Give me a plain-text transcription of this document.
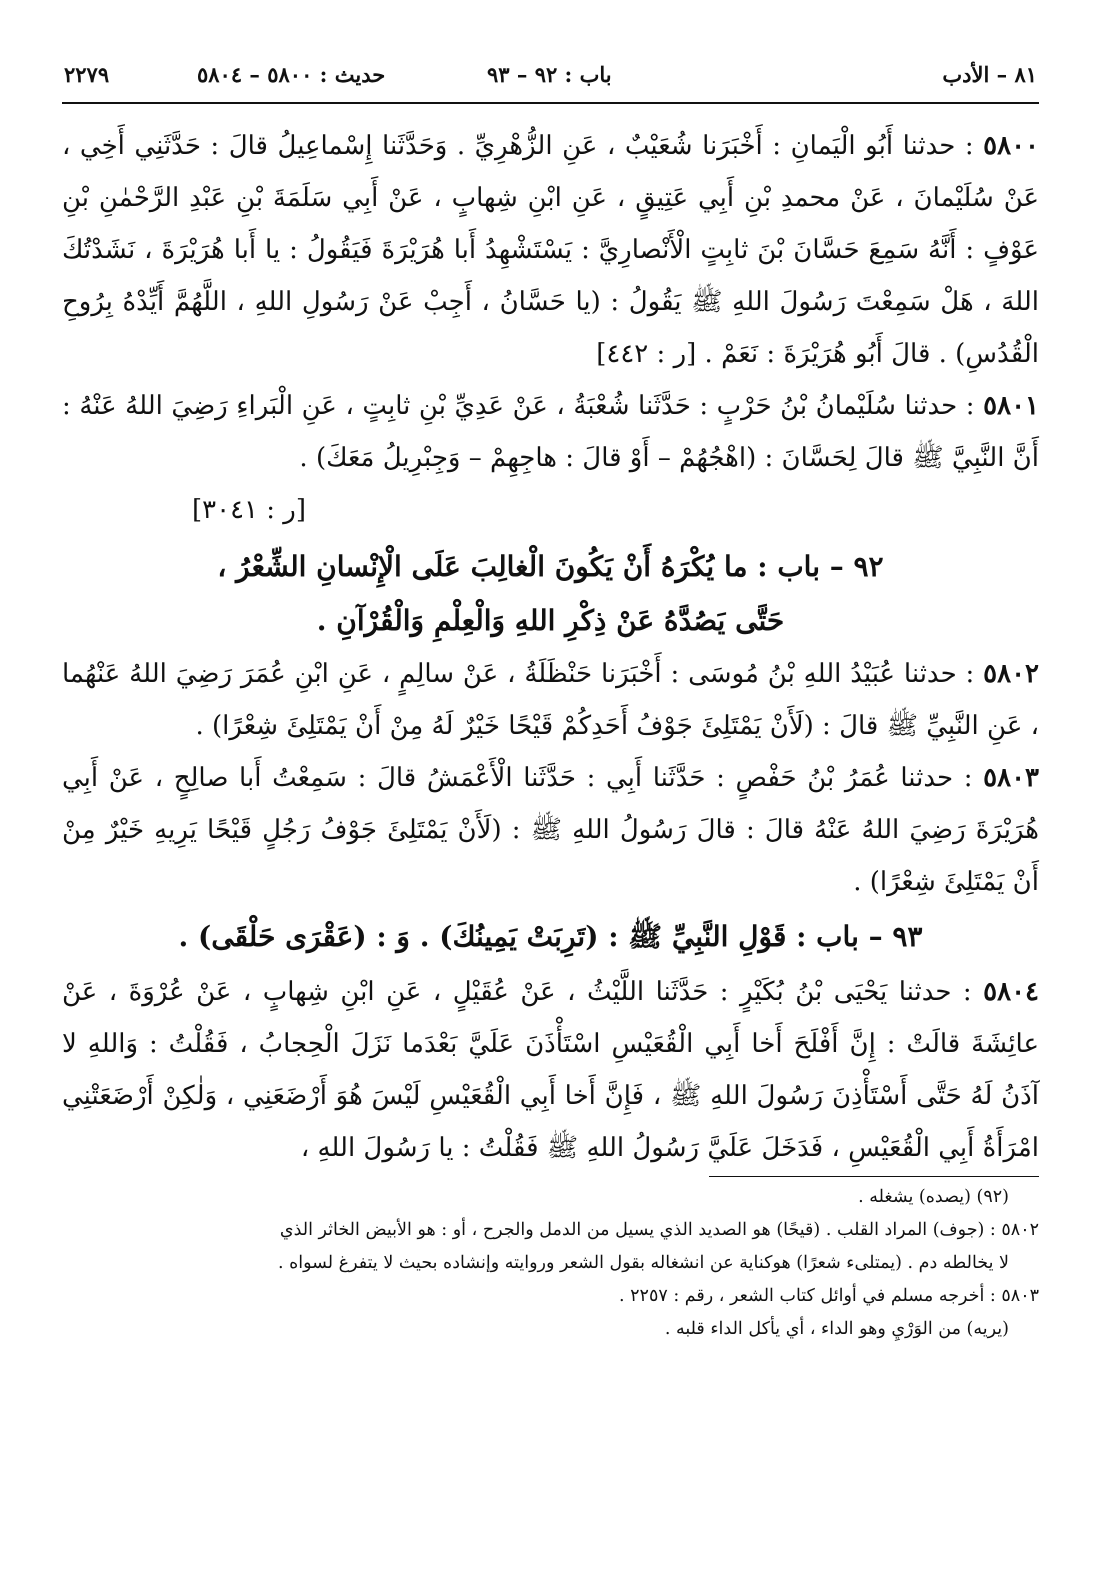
٨١ – الأدب
باب : ٩٢ – ٩٣
حديث : ٥٨٠٠ – ٥٨٠٤
٢٢٧٩

٥٨٠٠ : حدثنا أَبُو الْيَمانِ : أَخْبَرَنا شُعَيْبٌ ، عَنِ الزُّهْرِيِّ . وَحَدَّثَنا إِسْماعِيلُ قالَ : حَدَّثَنِي أَخِي ، عَنْ سُلَيْمانَ ، عَنْ محمدِ بْنِ أَبِي عَتِيقٍ ، عَنِ ابْنِ شِهابٍ ، عَنْ أَبِي سَلَمَةَ بْنِ عَبْدِ الرَّحْمٰنِ بْنِ عَوْفٍ : أَنَّهُ سَمِعَ حَسَّانَ بْنَ ثابِتٍ الْأَنْصارِيَّ : يَسْتَشْهِدُ أَبا هُرَيْرَةَ فَيَقُولُ : يا أَبا هُرَيْرَةَ ، نَشَدْتُكَ اللهَ ، هَلْ سَمِعْتَ رَسُولَ اللهِ ﷺ يَقُولُ : (يا حَسَّانُ ، أَجِبْ عَنْ رَسُولِ اللهِ ، اللَّهُمَّ أَيِّدْهُ بِرُوحِ الْقُدُسِ) . قالَ أَبُو هُرَيْرَةَ : نَعَمْ . [ر : ٤٤٢]

٥٨٠١ : حدثنا سُلَيْمانُ بْنُ حَرْبٍ : حَدَّثَنا شُعْبَةُ ، عَنْ عَدِيِّ بْنِ ثابِتٍ ، عَنِ الْبَراءِ رَضِيَ اللهُ عَنْهُ : أَنَّ النَّبِيَّ ﷺ قالَ لِحَسَّانَ : (اهْجُهُمْ – أَوْ قالَ : هاجِهِمْ – وَجِبْرِيلُ مَعَكَ) .

[ر : ٣٠٤١]

٩٢ – باب : ما يُكْرَهُ أَنْ يَكُونَ الْغالِبَ عَلَى الْإِنْسانِ الشِّعْرُ ،
حَتَّى يَصُدَّهُ عَنْ ذِكْرِ اللهِ وَالْعِلْمِ وَالْقُرْآنِ .

٥٨٠٢ : حدثنا عُبَيْدُ اللهِ بْنُ مُوسَى : أَخْبَرَنا حَنْظَلَةُ ، عَنْ سالِمٍ ، عَنِ ابْنِ عُمَرَ رَضِيَ اللهُ عَنْهُما ، عَنِ النَّبِيِّ ﷺ قالَ : (لَأَنْ يَمْتَلِئَ جَوْفُ أَحَدِكُمْ قَيْحًا خَيْرٌ لَهُ مِنْ أَنْ يَمْتَلِئَ شِعْرًا) .

٥٨٠٣ : حدثنا عُمَرُ بْنُ حَفْصٍ : حَدَّثَنا أَبِي : حَدَّثَنا الْأَعْمَشُ قالَ : سَمِعْتُ أَبا صالِحٍ ، عَنْ أَبِي هُرَيْرَةَ رَضِيَ اللهُ عَنْهُ قالَ : قالَ رَسُولُ اللهِ ﷺ : (لَأَنْ يَمْتَلِئَ جَوْفُ رَجُلٍ قَيْحًا يَرِيهِ خَيْرٌ مِنْ أَنْ يَمْتَلِئَ شِعْرًا) .

٩٣ – باب : قَوْلِ النَّبِيِّ ﷺ : (تَرِبَتْ يَمِينُكَ) . وَ : (عَقْرَى حَلْقَى) .

٥٨٠٤ : حدثنا يَحْيَى بْنُ بُكَيْرٍ : حَدَّثَنا اللَّيْثُ ، عَنْ عُقَيْلٍ ، عَنِ ابْنِ شِهابٍ ، عَنْ عُرْوَةَ ، عَنْ عائِشَةَ قالَتْ : إِنَّ أَفْلَحَ أَخا أَبِي الْقُعَيْسِ اسْتَأْذَنَ عَلَيَّ بَعْدَما نَزَلَ الْحِجابُ ، فَقُلْتُ : وَاللهِ لا آذَنُ لَهُ حَتَّى أَسْتَأْذِنَ رَسُولَ اللهِ ﷺ ، فَإِنَّ أَخا أَبِي الْقُعَيْسِ لَيْسَ هُوَ أَرْضَعَنِي ، وَلٰكِنْ أَرْضَعَتْنِي امْرَأَةُ أَبِي الْقُعَيْسِ ، فَدَخَلَ عَلَيَّ رَسُولُ اللهِ ﷺ فَقُلْتُ : يا رَسُولَ اللهِ ،

(٩٢) (يصده) يشغله .

٥٨٠٢ : (جوف) المراد القلب . (قيحًا) هو الصديد الذي يسيل من الدمل والجرح ، أو : هو الأبيض الخاثر الذي

لا يخالطه دم . (يمتلىء شعرًا) هوكناية عن انشغاله بقول الشعر وروايته وإنشاده بحيث لا يتفرغ لسواه .

٥٨٠٣ : أخرجه مسلم في أوائل كتاب الشعر ، رقم : ٢٢٥٧ .

(يريه) من الوَرْيِ وهو الداء ، أي يأكل الداء قلبه .
